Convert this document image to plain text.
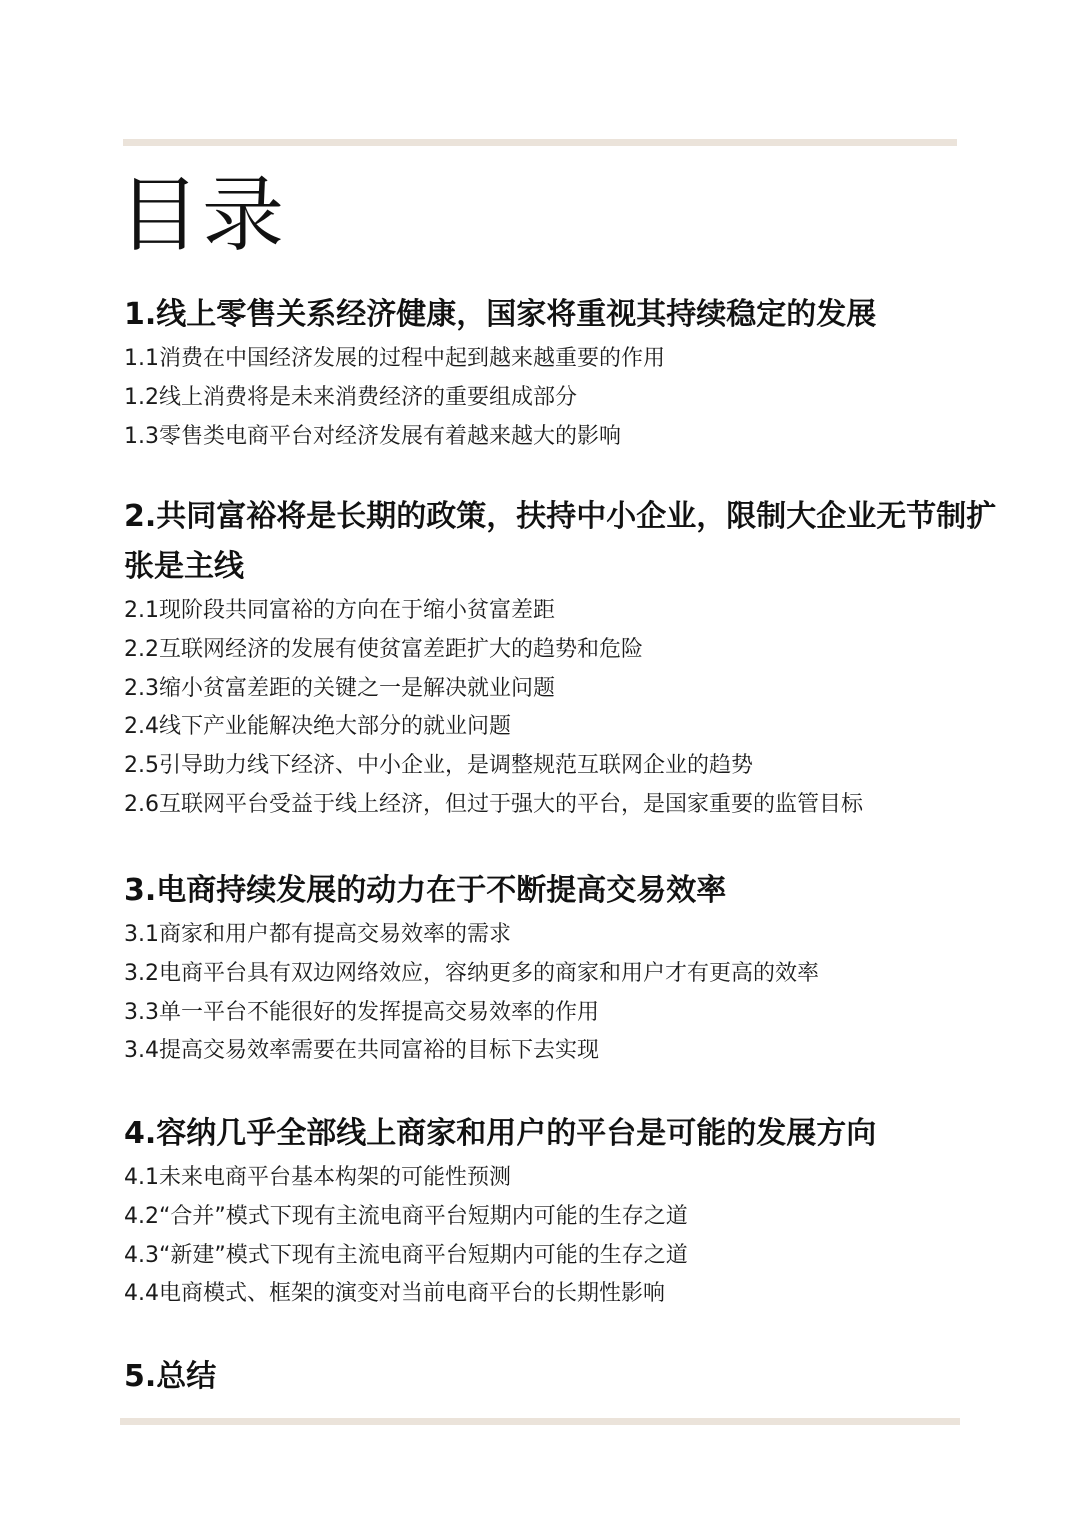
目录
1.线上零售关系经济健康，国家将重视其持续稳定的发展
1.1消费在中国经济发展的过程中起到越来越重要的作用
1.2线上消费将是未来消费经济的重要组成部分
1.3零售类电商平台对经济发展有着越来越大的影响
2.共同富裕将是长期的政策，扶持中小企业，限制大企业无节制扩张是主线
2.1现阶段共同富裕的方向在于缩小贫富差距
2.2互联网经济的发展有使贫富差距扩大的趋势和危险
2.3缩小贫富差距的关键之一是解决就业问题
2.4线下产业能解决绝大部分的就业问题
2.5引导助力线下经济、中小企业，是调整规范互联网企业的趋势
2.6互联网平台受益于线上经济，但过于强大的平台，是国家重要的监管目标
3.电商持续发展的动力在于不断提高交易效率
3.1商家和用户都有提高交易效率的需求
3.2电商平台具有双边网络效应，容纳更多的商家和用户才有更高的效率
3.3单一平台不能很好的发挥提高交易效率的作用
3.4提高交易效率需要在共同富裕的目标下去实现
4.容纳几乎全部线上商家和用户的平台是可能的发展方向
4.1未来电商平台基本构架的可能性预测
4.2“合并”模式下现有主流电商平台短期内可能的生存之道
4.3“新建”模式下现有主流电商平台短期内可能的生存之道
4.4电商模式、框架的演变对当前电商平台的长期性影响
5.总结
